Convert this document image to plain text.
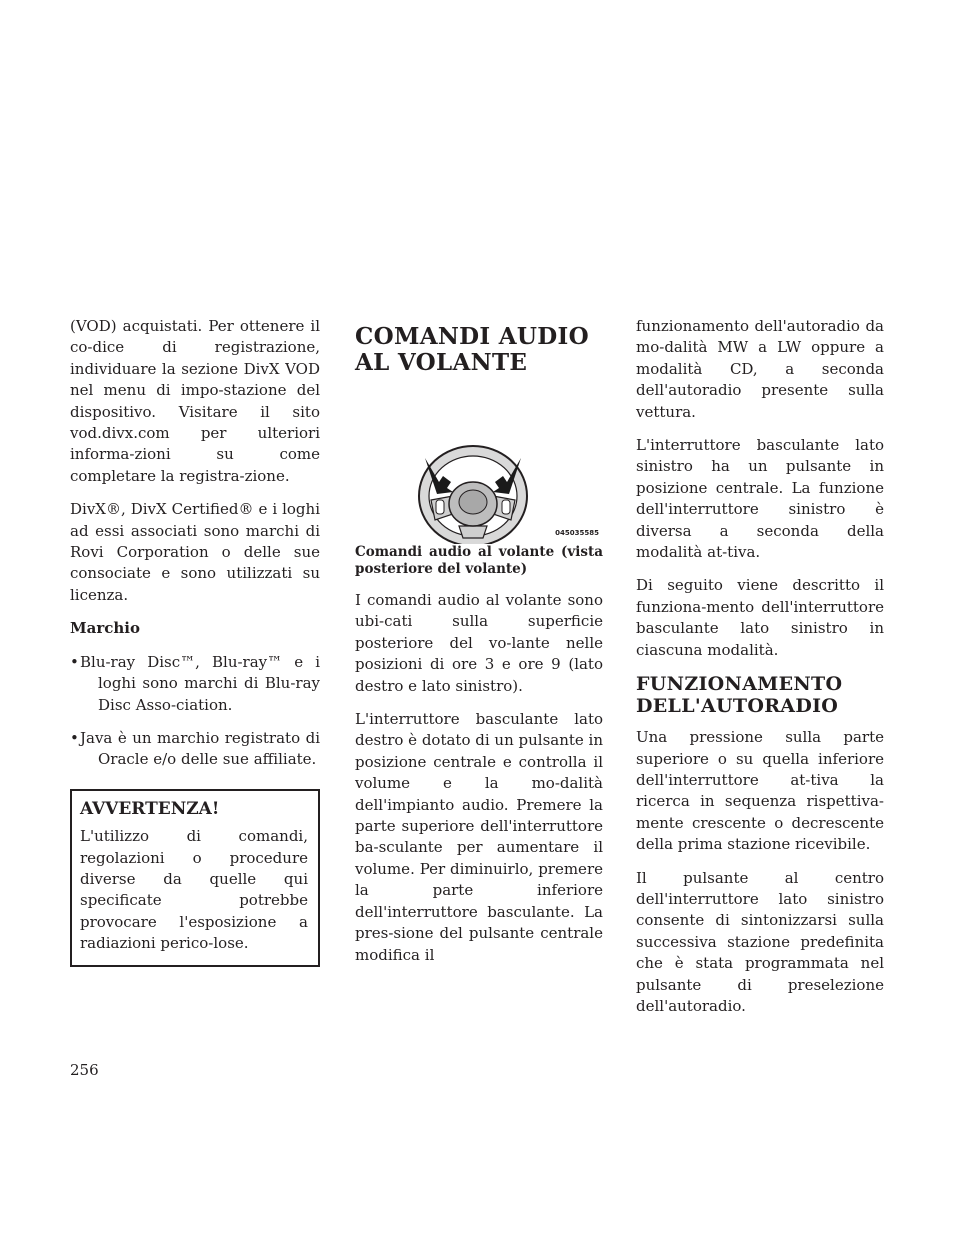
(VOD) acquistati. Per ottenere il co-dice di registrazione, individuare la sezione DivX VOD nel menu di impo-stazione del dispositivo. Visitare il sito vod.divx.com per ulteriori informa-zioni su come completare la registra-zione.

DivX®, DivX Certified® e i loghi ad essi associati sono marchi di Rovi Corporation o delle sue consociate e sono utilizzati su licenza.

Marchio

•Blu-ray Disc™, Blu-ray™ e i loghi sono marchi di Blu-ray Disc Asso-ciation.
•Java è un marchio registrato di Oracle e/o delle sue affiliate.
AVVERTENZA!

L'utilizzo di comandi, regolazioni o procedure diverse da quelle qui specificate potrebbe provocare l'esposizione a radiazioni perico-lose.

COMANDI AUDIO AL VOLANTE
045035585

Comandi audio al volante (vista posteriore del volante)

I comandi audio al volante sono ubi-cati sulla superficie posteriore del vo-lante nelle posizioni di ore 3 e ore 9 (lato destro e lato sinistro).

L'interruttore basculante lato destro è dotato di un pulsante in posizione centrale e controlla il volume e la mo-dalità dell'impianto audio. Premere la parte superiore dell'interruttore ba-sculante per aumentare il volume. Per diminuirlo, premere la parte inferiore dell'interruttore basculante. La pres-sione del pulsante centrale modifica il

funzionamento dell'autoradio da mo-dalità MW a LW oppure a modalità CD, a seconda dell'autoradio presente sulla vettura.

L'interruttore basculante lato sinistro ha un pulsante in posizione centrale. La funzione dell'interruttore sinistro è diversa a seconda della modalità at-tiva.

Di seguito viene descritto il funziona-mento dell'interruttore basculante lato sinistro in ciascuna modalità.

FUNZIONAMENTO DELL'AUTORADIO

Una pressione sulla parte superiore o su quella inferiore dell'interruttore at-tiva la ricerca in sequenza rispettiva-mente crescente o decrescente della prima stazione ricevibile.

Il pulsante al centro dell'interruttore lato sinistro consente di sintonizzarsi sulla successiva stazione predefinita che è stata programmata nel pulsante di preselezione dell'autoradio.

256
